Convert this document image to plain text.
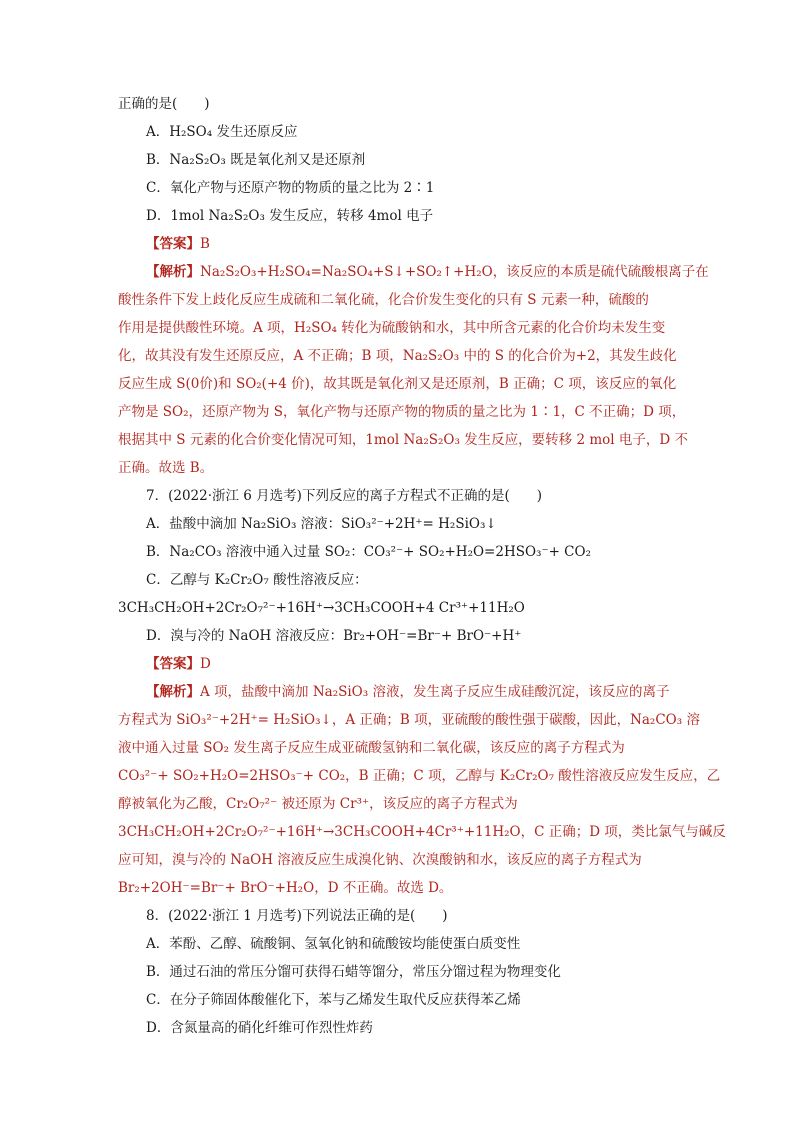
正确的是(　　)
A．H₂SO₄ 发生还原反应
B．Na₂S₂O₃ 既是氧化剂又是还原剂
C．氧化产物与还原产物的物质的量之比为 2∶1
D．1mol Na₂S₂O₃ 发生反应，转移 4mol 电子
【答案】B
【解析】Na₂S₂O₃+H₂SO₄=Na₂SO₄+S↓+SO₂↑+H₂O，该反应的本质是硫代硫酸根离子在
酸性条件下发上歧化反应生成硫和二氧化硫，化合价发生变化的只有 S 元素一种，硫酸的
作用是提供酸性环境。A 项，H₂SO₄ 转化为硫酸钠和水，其中所含元素的化合价均未发生变
化，故其没有发生还原反应，A 不正确；B 项，Na₂S₂O₃ 中的 S 的化合价为+2，其发生歧化
反应生成 S(0价)和 SO₂(+4 价)，故其既是氧化剂又是还原剂，B 正确；C 项，该反应的氧化
产物是 SO₂，还原产物为 S，氧化产物与还原产物的物质的量之比为 1∶1，C 不正确；D 项，
根据其中 S 元素的化合价变化情况可知，1mol Na₂S₂O₃ 发生反应，要转移 2 mol 电子，D 不
正确。故选 B。
7．(2022·浙江 6 月选考)下列反应的离子方程式不正确的是(　　)
A．盐酸中滴加 Na₂SiO₃ 溶液：SiO₃²⁻+2H⁺= H₂SiO₃↓
B．Na₂CO₃ 溶液中通入过量 SO₂：CO₃²⁻+ SO₂+H₂O=2HSO₃⁻+ CO₂
C．乙醇与 K₂Cr₂O₇ 酸性溶液反应：
3CH₃CH₂OH+2Cr₂O₇²⁻+16H⁺→3CH₃COOH+4 Cr³⁺+11H₂O
D．溴与冷的 NaOH 溶液反应：Br₂+OH⁻=Br⁻+ BrO⁻+H⁺
【答案】D
【解析】A 项，盐酸中滴加 Na₂SiO₃ 溶液，发生离子反应生成硅酸沉淀，该反应的离子
方程式为 SiO₃²⁻+2H⁺= H₂SiO₃↓，A 正确；B 项，亚硫酸的酸性强于碳酸，因此，Na₂CO₃ 溶
液中通入过量 SO₂ 发生离子反应生成亚硫酸氢钠和二氧化碳，该反应的离子方程式为
CO₃²⁻+ SO₂+H₂O=2HSO₃⁻+ CO₂，B 正确；C 项，乙醇与 K₂Cr₂O₇ 酸性溶液反应发生反应，乙
醇被氧化为乙酸，Cr₂O₇²⁻ 被还原为 Cr³⁺，该反应的离子方程式为
3CH₃CH₂OH+2Cr₂O₇²⁻+16H⁺→3CH₃COOH+4Cr³⁺+11H₂O，C 正确；D 项，类比氯气与碱反
应可知，溴与冷的 NaOH 溶液反应生成溴化钠、次溴酸钠和水，该反应的离子方程式为
Br₂+2OH⁻=Br⁻+ BrO⁻+H₂O，D 不正确。故选 D。
8．(2022·浙江 1 月选考)下列说法正确的是(　　)
A．苯酚、乙醇、硫酸铜、氢氧化钠和硫酸铵均能使蛋白质变性
B．通过石油的常压分馏可获得石蜡等馏分，常压分馏过程为物理变化
C．在分子筛固体酸催化下，苯与乙烯发生取代反应获得苯乙烯
D．含氮量高的硝化纤维可作烈性炸药
